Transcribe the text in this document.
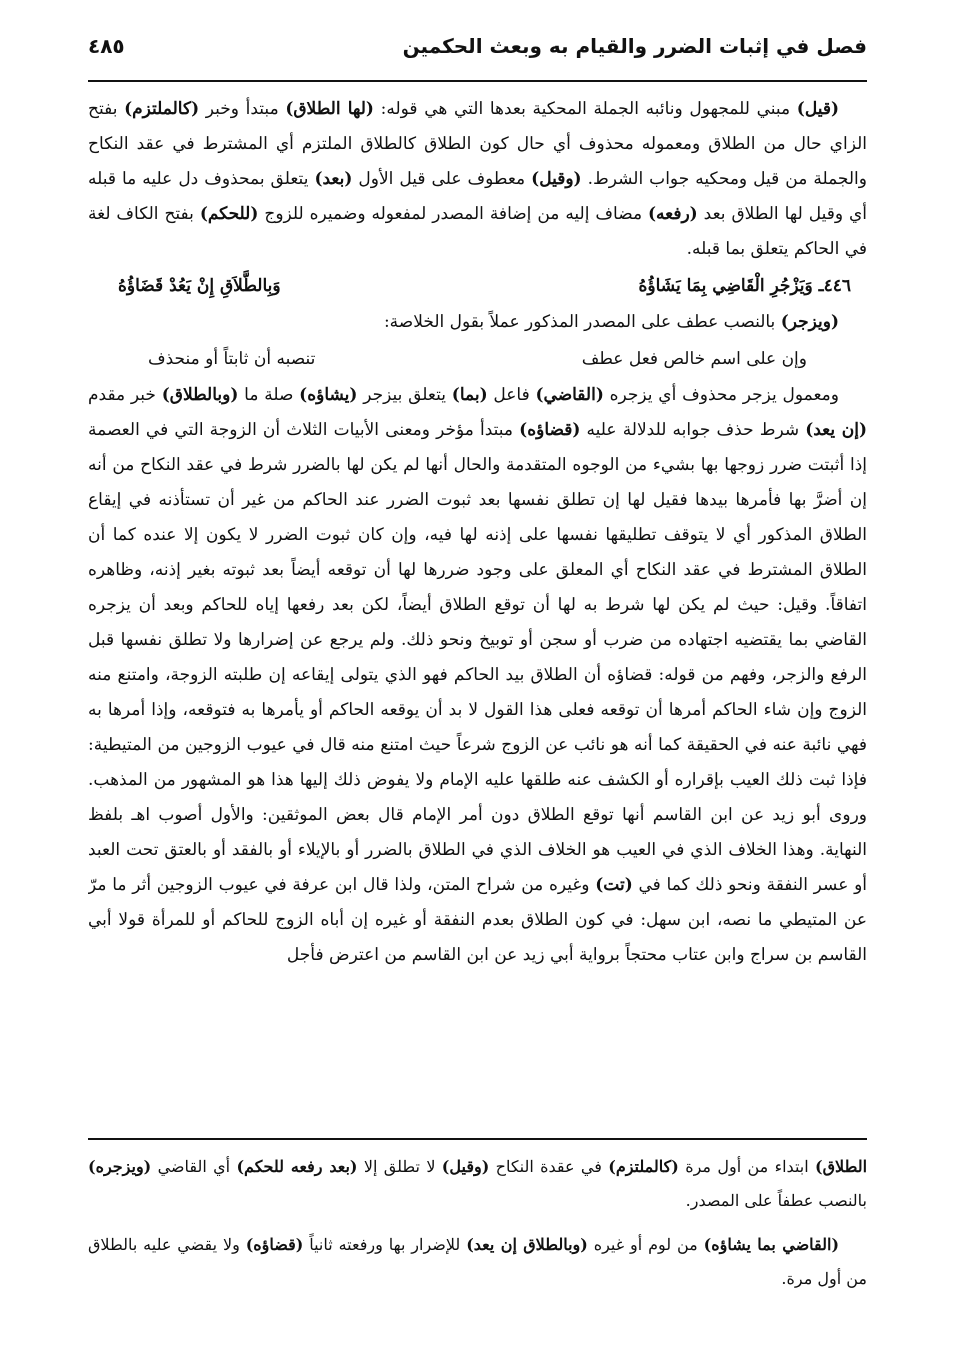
فصل في إثبات الضرر والقيام به وبعث الحكمين
٤٨٥

(قيل) مبني للمجهول ونائبه الجملة المحكية بعدها التي هي قوله: (لها الطلاق) مبتدأ وخبر (كالملتزم) بفتح الزاي حال من الطلاق ومعموله محذوف أي حال كون الطلاق كالطلاق الملتزم أي المشترط في عقد النكاح والجملة من قيل ومحكيه جواب الشرط. (وقيل) معطوف على قيل الأول (بعد) يتعلق بمحذوف دل عليه ما قبله أي وقيل لها الطلاق بعد (رفعه) مضاف إليه من إضافة المصدر لمفعوله وضميره للزوج (للحكم) بفتح الكاف لغة في الحاكم يتعلق بما قبله.

٤٤٦ـ وَيَزْجُرِ الْقَاضِي بِمَا يَشَاؤُهُ
وَبِالطَّلاَقِ إِنْ يَعُدْ قَضَاؤُهُ

(ويزجر) بالنصب عطف على المصدر المذكور عملاً بقول الخلاصة:

وإن على اسم خالص فعل عطف
تنصبه أن ثابتاً أو منحذف

ومعمول يزجر محذوف أي يزجره (القاضي) فاعل (بما) يتعلق بيزجر (يشاؤه) صلة ما (وبالطلاق) خبر مقدم (إن يعد) شرط حذف جوابه للدلالة عليه (قضاؤه) مبتدأ مؤخر ومعنى الأبيات الثلاث أن الزوجة التي في العصمة إذا أثبتت ضرر زوجها بها بشيء من الوجوه المتقدمة والحال أنها لم يكن لها بالضرر شرط في عقد النكاح من أنه إن أضرَّ بها فأمرها بيدها فقيل لها إن تطلق نفسها بعد ثبوت الضرر عند الحاكم من غير أن تستأذنه في إيقاع الطلاق المذكور أي لا يتوقف تطليقها نفسها على إذنه لها فيه، وإن كان ثبوت الضرر لا يكون إلا عنده كما أن الطلاق المشترط في عقد النكاح أي المعلق على وجود ضررها لها أن توقعه أيضاً بعد ثبوته بغير إذنه، وظاهره اتفاقاً. وقيل: حيث لم يكن لها شرط به لها أن توقع الطلاق أيضاً، لكن بعد رفعها إياه للحاكم وبعد أن يزجره القاضي بما يقتضيه اجتهاده من ضرب أو سجن أو توبيخ ونحو ذلك. ولم يرجع عن إضرارها ولا تطلق نفسها قبل الرفع والزجر، وفهم من قوله: قضاؤه أن الطلاق بيد الحاكم فهو الذي يتولى إيقاعه إن طلبته الزوجة، وامتنع منه الزوج وإن شاء الحاكم أمرها أن توقعه فعلى هذا القول لا بد أن يوقعه الحاكم أو يأمرها به فتوقعه، وإذا أمرها به فهي نائبة عنه في الحقيقة كما أنه هو نائب عن الزوج شرعاً حيث امتنع منه قال في عيوب الزوجين من المتيطية: فإذا ثبت ذلك العيب بإقراره أو الكشف عنه طلقها عليه الإمام ولا يفوض ذلك إليها هذا هو المشهور من المذهب. وروى أبو زيد عن ابن القاسم أنها توقع الطلاق دون أمر الإمام قال بعض الموثقين: والأول أصوب اهـ بلفظ النهاية. وهذا الخلاف الذي في العيب هو الخلاف الذي في الطلاق بالضرر أو بالإيلاء أو بالفقد أو بالعتق تحت العبد أو عسر النفقة ونحو ذلك كما في (تت) وغيره من شراح المتن، ولذا قال ابن عرفة في عيوب الزوجين أثر ما مرّ عن المتيطي ما نصه، ابن سهل: في كون الطلاق بعدم النفقة أو غيره إن أباه الزوج للحاكم أو للمرأة قولا أبي القاسم بن سراج وابن عتاب محتجاً برواية أبي زيد عن ابن القاسم من اعترض فأجل

الطلاق) ابتداء من أول مرة (كالملتزم) في عقدة النكاح (وقيل) لا تطلق إلا (بعد رفعه للحكم) أي القاضي (ويزجره) بالنصب عطفاً على المصدر.

(القاضي بما يشاؤه) من لوم أو غيره (وبالطلاق إن يعد) للإضرار بها ورفعته ثانياً (قضاؤه) ولا يقضي عليه بالطلاق من أول مرة.
